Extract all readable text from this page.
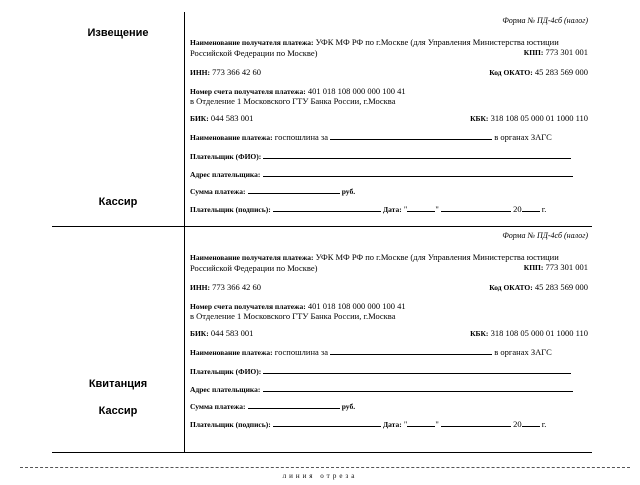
Извещение
Кассир
Квитанция
Кассир
Форма № ПД-4сб (налог)
Наименование получателя платежа: УФК МФ РФ по г.Москве (для Управления Министерства юстиции Российской Федерации по Москве)	КПП: 773 301 001
ИНН: 773 366 42 60	Код ОКАТО: 45 283 569 000
Номер счета получателя платежа: 401 018 108 000 000 100 41
в Отделение 1 Московского ГТУ Банка России, г.Москва
БИК: 044 583 001	КБК: 318 108 05 000 01 1000 110
Наименование платежа: госпошлина за	в органах ЗАГС
Плательщик (ФИО):
Адрес плательщика:
Сумма платежа:	руб.
Плательщик (подпись):	Дата: "	"	20 г.
Форма № ПД-4сб (налог)
Наименование получателя платежа: УФК МФ РФ по г.Москве (для Управления Министерства юстиции Российской Федерации по Москве)	КПП: 773 301 001
ИНН: 773 366 42 60	Код ОКАТО: 45 283 569 000
Номер счета получателя платежа: 401 018 108 000 000 100 41
в Отделение 1 Московского ГТУ Банка России, г.Москва
БИК: 044 583 001	КБК: 318 108 05 000 01 1000 110
Наименование платежа: госпошлина за	в органах ЗАГС
Плательщик (ФИО):
Адрес плательщика:
Сумма платежа:	руб.
Плательщик (подпись):	Дата: "	"	20 г.
линия отреза
